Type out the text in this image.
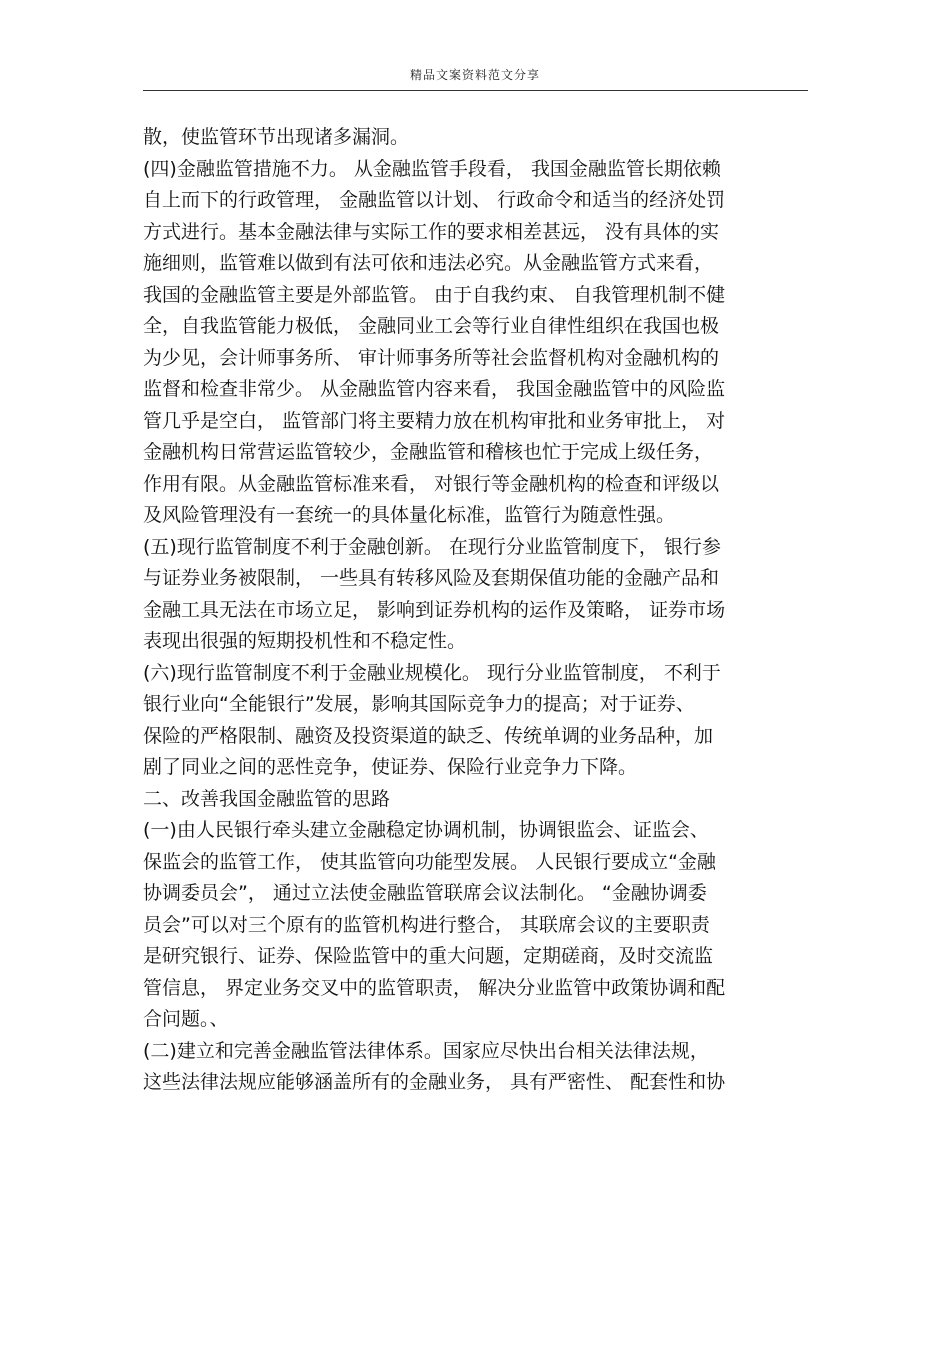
精品文案资料范文分享
散，使监管环节出现诸多漏洞。
(四)金融监管措施不力。 从金融监管手段看， 我国金融监管长期依赖
自上而下的行政管理， 金融监管以计划、 行政命令和适当的经济处罚
方式进行。基本金融法律与实际工作的要求相差甚远， 没有具体的实
施细则，监管难以做到有法可依和违法必究。从金融监管方式来看，
我国的金融监管主要是外部监管。 由于自我约束、 自我管理机制不健
全，自我监管能力极低， 金融同业工会等行业自律性组织在我国也极
为少见，会计师事务所、 审计师事务所等社会监督机构对金融机构的
监督和检查非常少。 从金融监管内容来看， 我国金融监管中的风险监
管几乎是空白， 监管部门将主要精力放在机构审批和业务审批上， 对
金融机构日常营运监管较少，金融监管和稽核也忙于完成上级任务，
作用有限。从金融监管标准来看， 对银行等金融机构的检查和评级以
及风险管理没有一套统一的具体量化标准，监管行为随意性强。
(五)现行监管制度不利于金融创新。 在现行分业监管制度下， 银行参
与证券业务被限制， 一些具有转移风险及套期保值功能的金融产品和
金融工具无法在市场立足， 影响到证券机构的运作及策略， 证券市场
表现出很强的短期投机性和不稳定性。
(六)现行监管制度不利于金融业规模化。 现行分业监管制度， 不利于
银行业向“全能银行”发展，影响其国际竞争力的提高；对于证券、
保险的严格限制、融资及投资渠道的缺乏、传统单调的业务品种，加
剧了同业之间的恶性竞争，使证券、保险行业竞争力下降。
二、改善我国金融监管的思路
(一)由人民银行牵头建立金融稳定协调机制，协调银监会、证监会、
保监会的监管工作， 使其监管向功能型发展。 人民银行要成立“金融
协调委员会”， 通过立法使金融监管联席会议法制化。 “金融协调委
员会”可以对三个原有的监管机构进行整合， 其联席会议的主要职责
是研究银行、证券、保险监管中的重大问题，定期磋商，及时交流监
管信息， 界定业务交叉中的监管职责， 解决分业监管中政策协调和配
合问题。、
(二)建立和完善金融监管法律体系。国家应尽快出台相关法律法规，
这些法律法规应能够涵盖所有的金融业务， 具有严密性、 配套性和协
